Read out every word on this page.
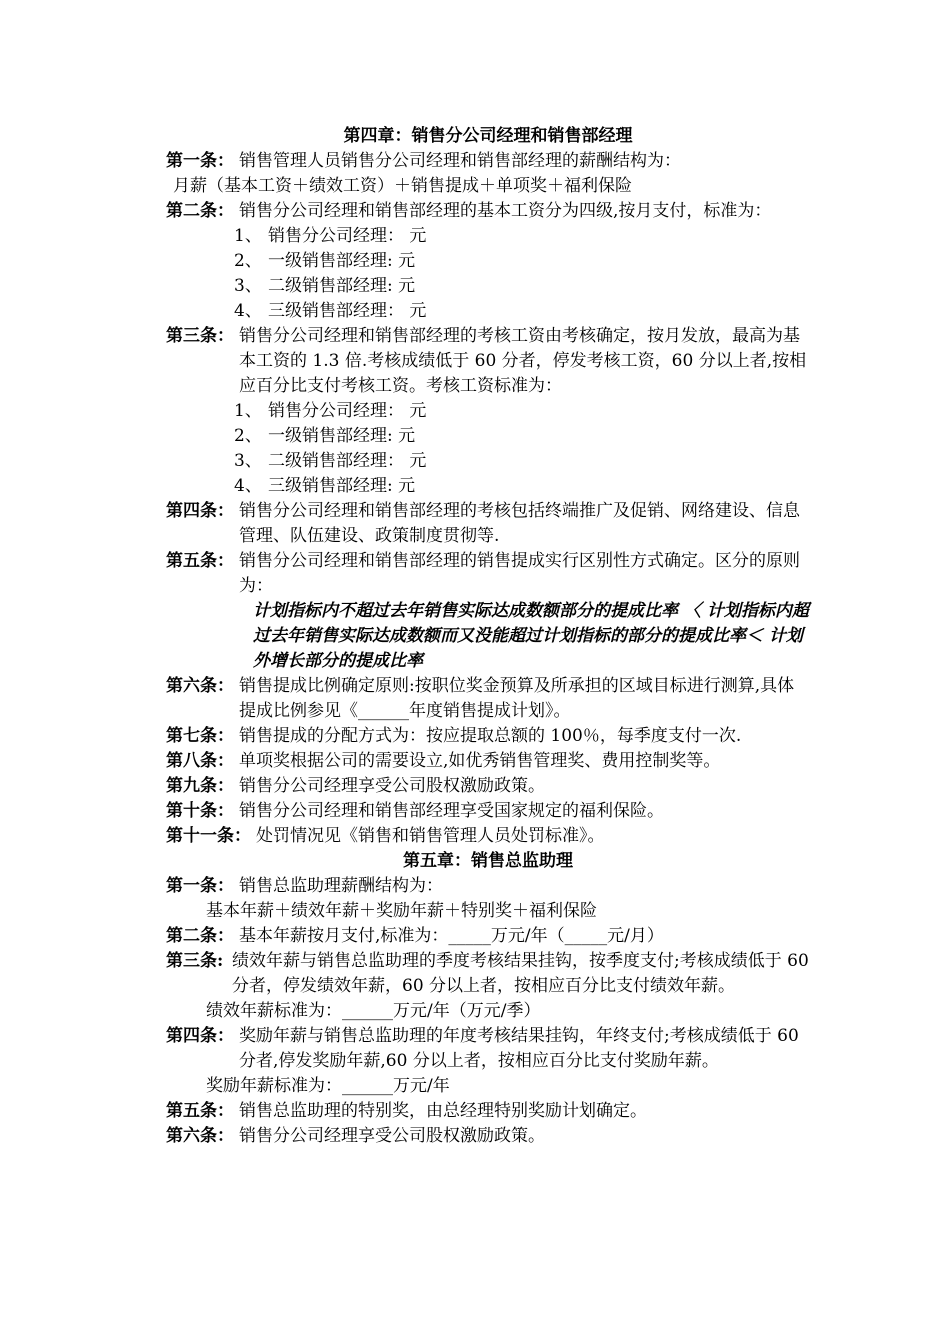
第四章：销售分公司经理和销售部经理
第一条： 销售管理人员销售分公司经理和销售部经理的薪酬结构为：
月薪（基本工资＋绩效工资）＋销售提成＋单项奖＋福利保险
第二条： 销售分公司经理和销售部经理的基本工资分为四级,按月支付，标准为：
1、 销售分公司经理： 元
2、 一级销售部经理: 元
3、 二级销售部经理: 元
4、 三级销售部经理： 元
第三条： 销售分公司经理和销售部经理的考核工资由考核确定，按月发放，最高为基本工资的 1.3 倍.考核成绩低于 60 分者，停发考核工资，60 分以上者,按相应百分比支付考核工资。考核工资标准为：
1、 销售分公司经理： 元
2、 一级销售部经理: 元
3、 二级销售部经理： 元
4、 三级销售部经理: 元
第四条： 销售分公司经理和销售部经理的考核包括终端推广及促销、网络建设、信息管理、队伍建设、政策制度贯彻等.
第五条： 销售分公司经理和销售部经理的销售提成实行区别性方式确定。区分的原则为：
计划指标内不超过去年销售实际达成数额部分的提成比率 〈 计划指标内超过去年销售实际达成数额而又没能超过计划指标的部分的提成比率＜ 计划外增长部分的提成比率
第六条： 销售提成比例确定原则:按职位奖金预算及所承担的区域目标进行测算,具体提成比例参见《______年度销售提成计划》。
第七条： 销售提成的分配方式为：按应提取总额的 100％，每季度支付一次.
第八条： 单项奖根据公司的需要设立,如优秀销售管理奖、费用控制奖等。
第九条： 销售分公司经理享受公司股权激励政策。
第十条： 销售分公司经理和销售部经理享受国家规定的福利保险。
第十一条： 处罚情况见《销售和销售管理人员处罚标准》。
第五章：销售总监助理
第一条： 销售总监助理薪酬结构为：
基本年薪＋绩效年薪＋奖励年薪＋特别奖＋福利保险
第二条： 基本年薪按月支付,标准为：_____万元/年（_____元/月）
第三条: 绩效年薪与销售总监助理的季度考核结果挂钩，按季度支付;考核成绩低于 60 分者，停发绩效年薪，60 分以上者，按相应百分比支付绩效年薪。
绩效年薪标准为：______万元/年（万元/季）
第四条： 奖励年薪与销售总监助理的年度考核结果挂钩，年终支付;考核成绩低于 60 分者,停发奖励年薪,60 分以上者，按相应百分比支付奖励年薪。
奖励年薪标准为：______万元/年
第五条： 销售总监助理的特别奖，由总经理特别奖励计划确定。
第六条： 销售分公司经理享受公司股权激励政策。
